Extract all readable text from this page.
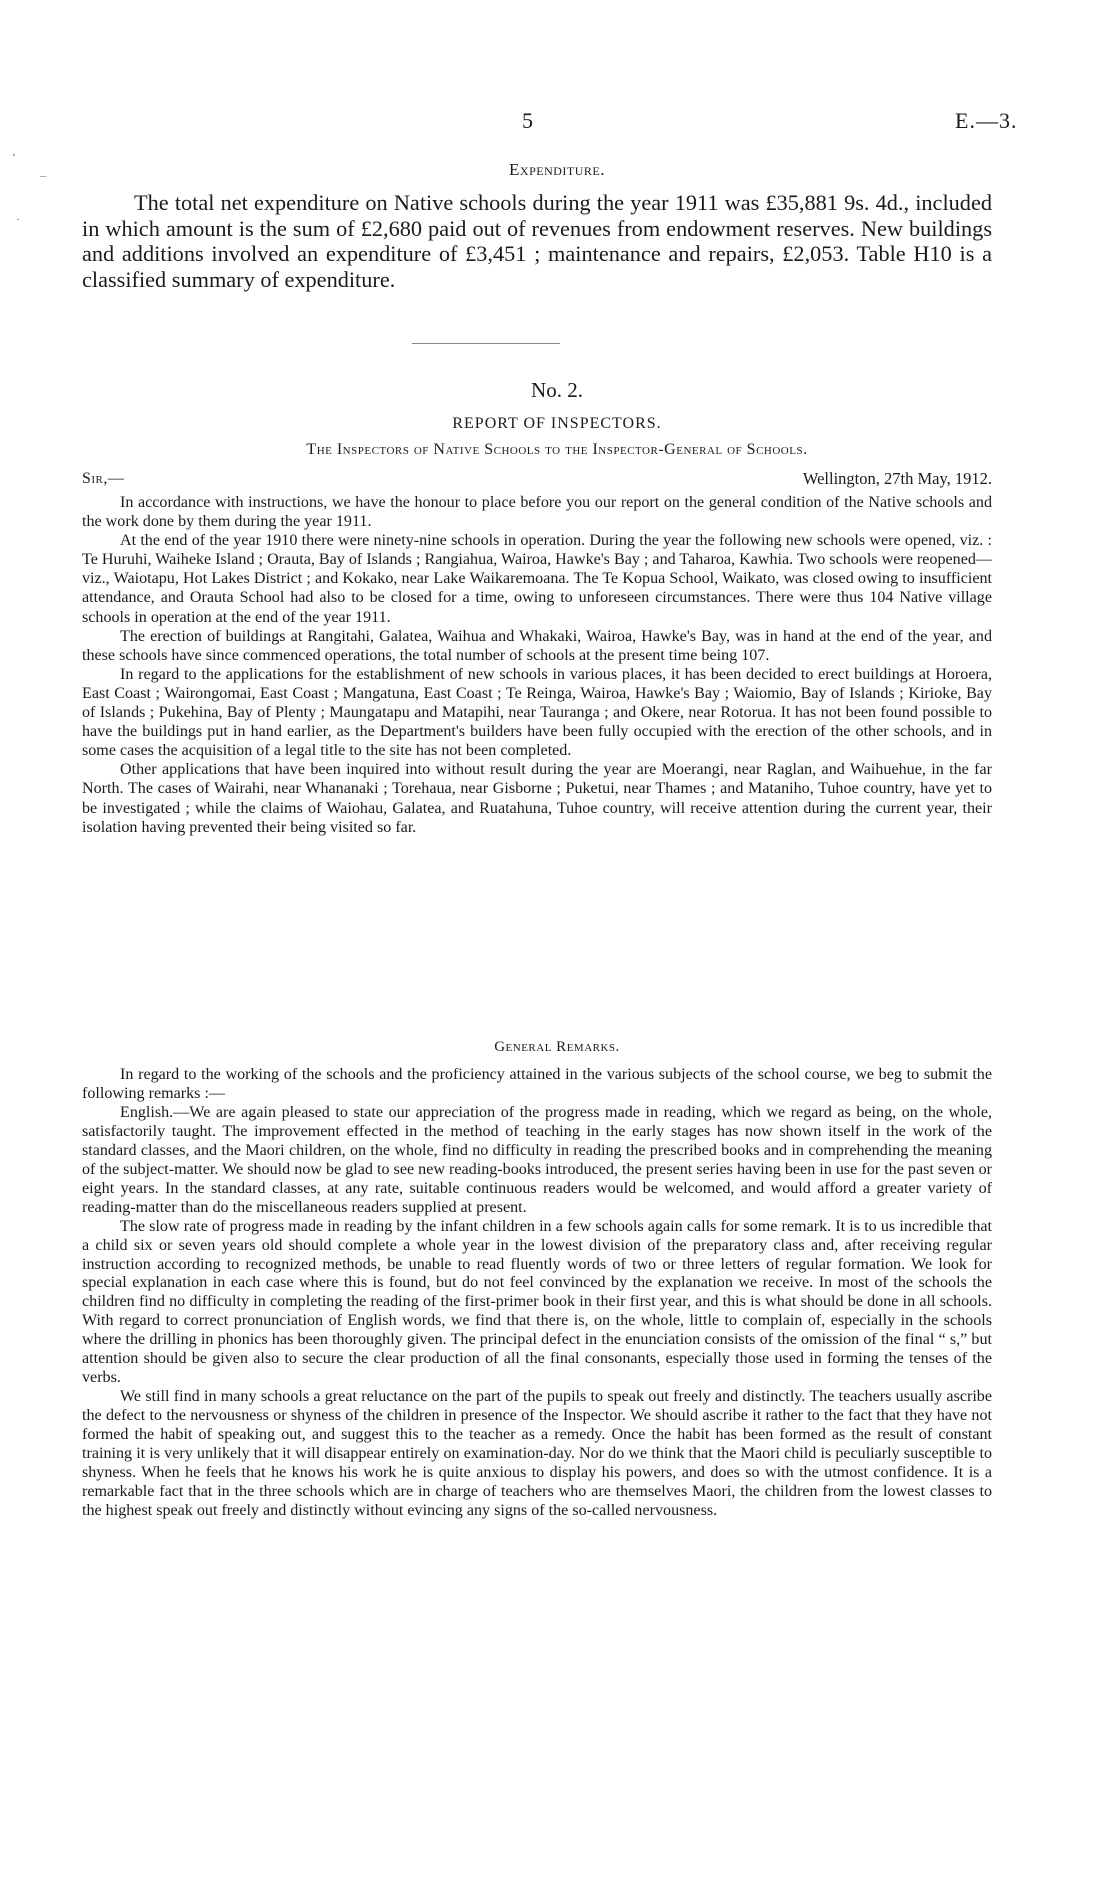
5	E.—3.
‘
–
·
Expenditure.

The total net expenditure on Native schools during the year 1911 was £35,881 9s. 4d., included in which amount is the sum of £2,680 paid out of revenues from endowment reserves. New buildings and additions involved an expenditure of £3,451 ; maintenance and repairs, £2,053. Table H10 is a classified summary of expenditure.

No. 2.
REPORT OF INSPECTORS.
The Inspectors of Native Schools to the Inspector-General of Schools.
Sir,—	Wellington, 27th May, 1912.

In accordance with instructions, we have the honour to place before you our report on the general condition of the Native schools and the work done by them during the year 1911.

At the end of the year 1910 there were ninety-nine schools in operation. During the year the following new schools were opened, viz. : Te Huruhi, Waiheke Island ; Orauta, Bay of Islands ; Rangiahua, Wairoa, Hawke's Bay ; and Taharoa, Kawhia. Two schools were reopened—viz., Waiotapu, Hot Lakes District ; and Kokako, near Lake Waikaremoana. The Te Kopua School, Waikato, was closed owing to insufficient attendance, and Orauta School had also to be closed for a time, owing to unforeseen circumstances. There were thus 104 Native village schools in operation at the end of the year 1911.

The erection of buildings at Rangitahi, Galatea, Waihua and Whakaki, Wairoa, Hawke's Bay, was in hand at the end of the year, and these schools have since commenced operations, the total number of schools at the present time being 107.

In regard to the applications for the establishment of new schools in various places, it has been decided to erect buildings at Horoera, East Coast ; Wairongomai, East Coast ; Mangatuna, East Coast ; Te Reinga, Wairoa, Hawke's Bay ; Waiomio, Bay of Islands ; Kirioke, Bay of Islands ; Pukehina, Bay of Plenty ; Maungatapu and Matapihi, near Tauranga ; and Okere, near Rotorua. It has not been found possible to have the buildings put in hand earlier, as the Department's builders have been fully occupied with the erection of the other schools, and in some cases the acquisition of a legal title to the site has not been completed.

Other applications that have been inquired into without result during the year are Moerangi, near Raglan, and Waihuehue, in the far North. The cases of Wairahi, near Whananaki ; Torehaua, near Gisborne ; Puketui, near Thames ; and Mataniho, Tuhoe country, have yet to be investigated ; while the claims of Waiohau, Galatea, and Ruatahuna, Tuhoe country, will receive attention during the current year, their isolation having prevented their being visited so far.

General Remarks.

In regard to the working of the schools and the proficiency attained in the various subjects of the school course, we beg to submit the following remarks :—

English.—We are again pleased to state our appreciation of the progress made in reading, which we regard as being, on the whole, satisfactorily taught. The improvement effected in the method of teaching in the early stages has now shown itself in the work of the standard classes, and the Maori children, on the whole, find no difficulty in reading the prescribed books and in comprehending the meaning of the subject-matter. We should now be glad to see new reading-books introduced, the present series having been in use for the past seven or eight years. In the standard classes, at any rate, suitable continuous readers would be welcomed, and would afford a greater variety of reading-matter than do the miscellaneous readers supplied at present.

The slow rate of progress made in reading by the infant children in a few schools again calls for some remark. It is to us incredible that a child six or seven years old should complete a whole year in the lowest division of the preparatory class and, after receiving regular instruction according to recognized methods, be unable to read fluently words of two or three letters of regular formation. We look for special explanation in each case where this is found, but do not feel convinced by the explanation we receive. In most of the schools the children find no difficulty in completing the reading of the first-primer book in their first year, and this is what should be done in all schools. With regard to correct pronunciation of English words, we find that there is, on the whole, little to complain of, especially in the schools where the drilling in phonics has been thoroughly given. The principal defect in the enunciation consists of the omission of the final “ s,” but attention should be given also to secure the clear production of all the final consonants, especially those used in forming the tenses of the verbs.

We still find in many schools a great reluctance on the part of the pupils to speak out freely and distinctly. The teachers usually ascribe the defect to the nervousness or shyness of the children in presence of the Inspector. We should ascribe it rather to the fact that they have not formed the habit of speaking out, and suggest this to the teacher as a remedy. Once the habit has been formed as the result of constant training it is very unlikely that it will disappear entirely on examination-day. Nor do we think that the Maori child is peculiarly susceptible to shyness. When he feels that he knows his work he is quite anxious to display his powers, and does so with the utmost confidence. It is a remarkable fact that in the three schools which are in charge of teachers who are themselves Maori, the children from the lowest classes to the highest speak out freely and distinctly without evincing any signs of the so-called nervousness.
